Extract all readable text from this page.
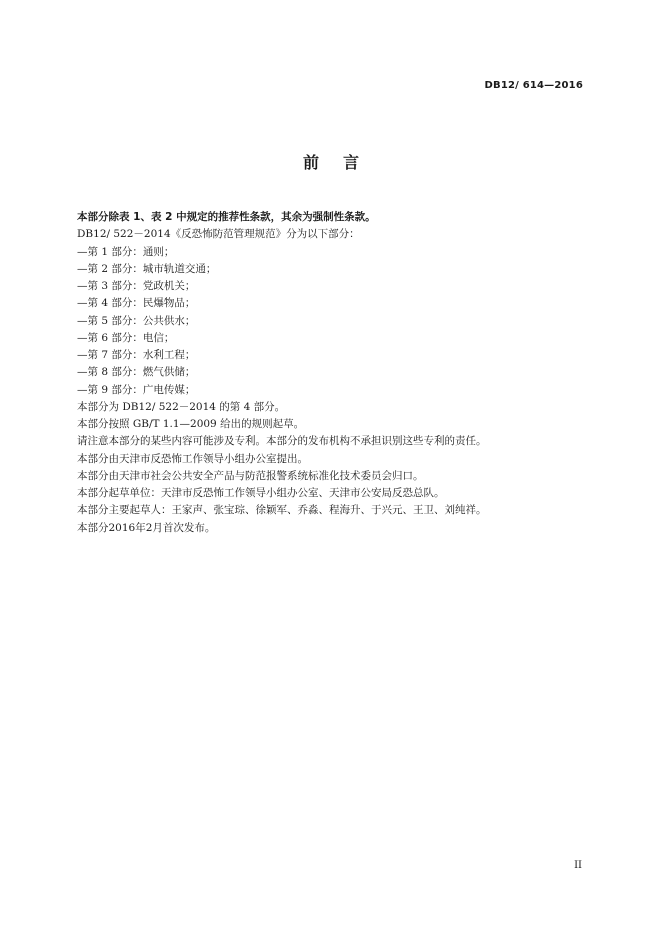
DB12/ 614—2016
前言

本部分除表 1、表 2 中规定的推荐性条款，其余为强制性条款。

DB12/ 522－2014《反恐怖防范管理规范》分为以下部分：

—第 1 部分：通则；

—第 2 部分：城市轨道交通；

—第 3 部分：党政机关；

—第 4 部分：民爆物品；

—第 5 部分：公共供水；

—第 6 部分：电信；

—第 7 部分：水利工程；

—第 8 部分：燃气供储；

—第 9 部分：广电传媒；

本部分为 DB12/ 522－2014 的第 4 部分。

本部分按照 GB/T 1.1—2009 给出的规则起草。

请注意本部分的某些内容可能涉及专利。本部分的发布机构不承担识别这些专利的责任。

本部分由天津市反恐怖工作领导小组办公室提出。

本部分由天津市社会公共安全产品与防范报警系统标准化技术委员会归口。

本部分起草单位：天津市反恐怖工作领导小组办公室、天津市公安局反恐总队。

本部分主要起草人：王家声、张宝琮、徐颖军、乔淼、程海升、于兴元、王卫、刘纯祥。

本部分2016年2月首次发布。

II
